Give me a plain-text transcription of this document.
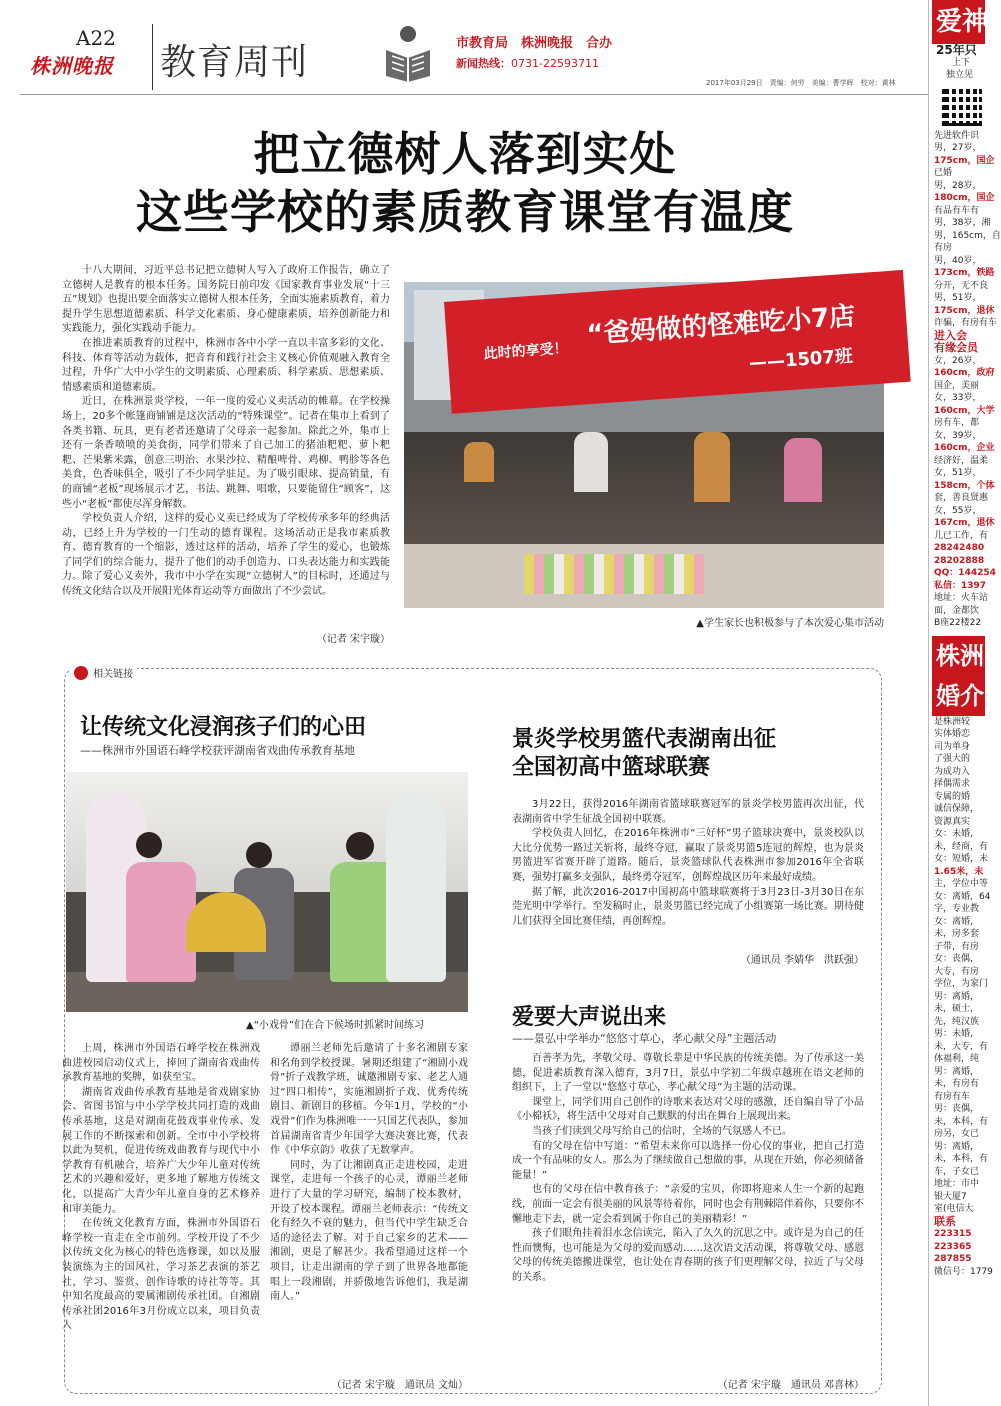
A22
株洲晚报 教育周刊	市教育局　株洲晚报　合办
新闻热线：0731-22593711
2017年03月29日　责编：何劳　美编：曹学晖　校对：黄林
把立德树人落到实处
这些学校的素质教育课堂有温度

十八大期间，习近平总书记把立德树人写入了政府工作报告，确立了立德树人是教育的根本任务。国务院日前印发《国家教育事业发展“十三五”规划》也提出要全面落实立德树人根本任务，全面实施素质教育，着力提升学生思想道德素质、科学文化素质、身心健康素质，培养创新能力和实践能力，强化实践动手能力。

在推进素质教育的过程中，株洲市各中小学一直以丰富多彩的文化、科技、体育等活动为载体，把音育和践行社会主义核心价值观融入教育全过程，升华广大中小学生的文明素质、心理素质、科学素质、思想素质、情感素质和道德素质。

近日，在株洲景炎学校，一年一度的爱心义卖活动的帷幕。在学校操场上，20多个帐篷商铺铺是这次活动的“特殊课堂”。记者在集市上看到了各类书籍、玩具，更有老者还邀请了父母亲一起参加。除此之外，集市上还有一条香喷喷的美食街，同学们带来了自己加工的猪油粑粑、萝卜粑粑、芒果紫米露，创意三明治、水果沙拉、精酿啤骨、鸡柳、鸭胗等各色美食，色香味俱全，吸引了不少同学驻足。为了吸引眼球、提高销量，有的商铺“老板”现场展示才艺，书法、跳舞、唱歌，只要能留住“顾客”，这些小“老板”都使尽浑身解数。

学校负责人介绍，这样的爱心义卖已经成为了学校传承多年的经典活动，已经上升为学校的一门生动的德育课程。这场活动正是我市素质教育、德育教育的一个缩影，透过这样的活动，培养了学生的爱心，也锻炼了同学们的综合能力，提升了他们的动手创造力、口头表达能力和实践能力。除了爱心义卖外，我市中小学在实现“立德树人”的目标时，还通过与传统文化结合以及开展阳光体育运动等方面做出了不少尝试。

（记者 宋宇璇）
此时的享受！
“爸妈做的怪难吃小7店
——1507班
▲学生家长也积极参与了本次爱心集市活动
相关链接
让传统文化浸润孩子们的心田
——株洲市外国语石峰学校获评湖南省戏曲传承教育基地
▲“小戏骨”们在合下候场时抓紧时间练习

上周，株洲市外国语石峰学校在株洲戏曲进校园启动仪式上，捧回了湖南省戏曲传承教育基地的奖牌，如获至宝。

湖南省戏曲传承教育基地是省戏剧家协会、省图书馆与中小学学校共同打造的戏曲传承基地，这是对湖南花鼓戏事业传承、发展工作的不断探索和创新。全市中小学校将以此为契机，促进传统戏曲教育与现代中小学教育有机融合，培养广大少年儿童对传统艺术的兴趣和爱好，更多地了解地方传统文化，以提高广大青少年儿童自身的艺术修养和审美能力。

在传统文化教育方面，株洲市外国语石峰学校一直走在全市前列。学校开设了不少以传统文化为核心的特色选修课，如以及服装演练为主的国风社，学习茶艺表演的茶艺社，学习、鉴赏、创作诗歌的诗社等等。其中知名度最高的要属湘剧传承社团。自湘剧传承社团2016年3月份成立以来，项目负责人

谭丽兰老师先后邀请了十多名湘剧专家和名角到学校授课。暑期还组建了“湘剧小戏骨”折子戏教学班，诚邀湘剧专家、老艺人通过“四口相传”，实施湘剧折子戏、优秀传统剧目、新剧目的移植。今年1月，学校的“小戏骨”们作为株洲唯一一只国艺代表队，参加首届湖南省青少年国学大赛决赛比赛，代表作《中华京韵》收获了无数掌声。

同时，为了让湘剧真正走进校园，走进课堂，走进每一个孩子的心灵，谭丽兰老师进行了大量的学习研究，编制了校本教材，开设了校本课程。谭丽兰老师表示：“传统文化有经久不衰的魅力，但当代中学生缺乏合适的途径去了解。对于自己家乡的艺术——湘剧，更是了解甚少。我希望通过这样一个项目，让走出湖南的学子到了世界各地都能唱上一段湘剧，并骄傲地告诉他们，我是湖南人。”

（记者 宋宇璇　通讯员 文灿）
景炎学校男篮代表湖南出征
全国初高中篮球联赛

3月22日，获得2016年湖南省篮球联赛冠军的景炎学校男篮再次出征，代表湖南省中学生征战全国初中联赛。

学校负责人回忆，在2016年株洲市“三好杯”男子篮球决赛中，景炎校队以大比分优势一路过关斩将，最终夺冠，赢取了景炎男篮5连冠的辉煌，也为景炎男篮进军省赛开辟了道路。随后，景炎篮球队代表株洲市参加2016年全省联赛，强势打赢多支强队，最终勇夺冠军，创辉煌战区历年来最好成绩。

据了解，此次2016-2017中国初高中篮球联赛将于3月23日-3月30日在东莞光明中学举行。至发稿时止，景炎男篮已经完成了小组赛第一场比赛。期待健儿们获得全国比赛佳绩，再创辉煌。

（通讯员 李婧华　洪跃强）
爱要大声说出来
——景弘中学举办“悠悠寸草心，孝心献父母”主题活动

百善孝为先，孝敬父母、尊敬长辈是中华民族的传统美德。为了传承这一美德，促进素质教育深入德育，3月7日，景弘中学初二年级卓越班在语文老师的组织下，上了一堂以“悠悠寸草心，孝心献父母”为主题的活动课。

课堂上，同学们用自己创作的诗歌来表达对父母的感激，还自编自导了小品《小棉袄》，将生活中父母对自己默默的付出在舞台上展现出来。

当孩子们读到父母写给自己的信时，全场的气氛感人不已。

有的父母在信中写道：“希望未来你可以选择一份心仪的事业，把自己打造成一个有品味的女人。那么为了继续做自己想做的事，从现在开始，你必须储备能量！”

也有的父母在信中教育孩子：“亲爱的宝贝，你即将迎来人生一个新的起跑线，前面一定会有很美丽的风景等待着你，同时也会有荆棘陪伴着你，只要你不懈地走下去，就一定会看到属于你自己的美丽精彩！”

孩子们眼角挂着泪水念信读完，陷入了久久的沉思之中。或许是为自己的任性而懊悔，也可能是为父母的爱而感动……这次语文活动课，将尊敬父母、感恩父母的传统美德搬进课堂，也让处在青春期的孩子们更理解父母，拉近了与父母的关系。

（记者 宋宇璇　通讯员 邓喜林）
爱神
25年只
上下
独立见
先进软件识
男，27岁，
175cm，国企
已婚
男，28岁，
180cm，国企
有品有车有
男，38岁，湘
男，165cm，自
有房
男，40岁，
173cm，铁路
分开，无不良
男，51岁，
175cm，退休
诈骗，有房有车
进入会
有缘会员
女，26岁，
160cm，政府
国企，美丽
女，33岁，
160cm，大学
房有车，都
女，39岁，
160cm，企业
经济好，温柔
女，51岁，
158cm，个体
套，善良贤惠
女，55岁，
167cm，退休
儿已工作，有
28242480
28202888
QQ：144254
私信：1397
地址：火车站
面，金都饮
B座22楼22
株洲
婚介
是株洲较
实体婚恋
司为单身
了强大的
为成功入
择偶需求
专属的婚
诚信保障，
资源真实
女：未婚，
未，经商，有
女：短婚，未
1.65米，未
主，学位中等
女：离婚，64
字，专业教
女：离婚，
未，房多套
子带，有房
女：丧偶，
大专，有房
学位，为家门
男：离婚，
未，硕士，
先，纯汉族
男：未婚，
未，大专，有
体福利，纯
男：离婚，
未，有房有
有房有车
男：丧偶，
未，本科，有
房另，女已
男：离婚，
未，本科，有
车，子女已
地址：市中
银大厦7
室(电信大
联系
223315
223365
287855
微信号：1779
